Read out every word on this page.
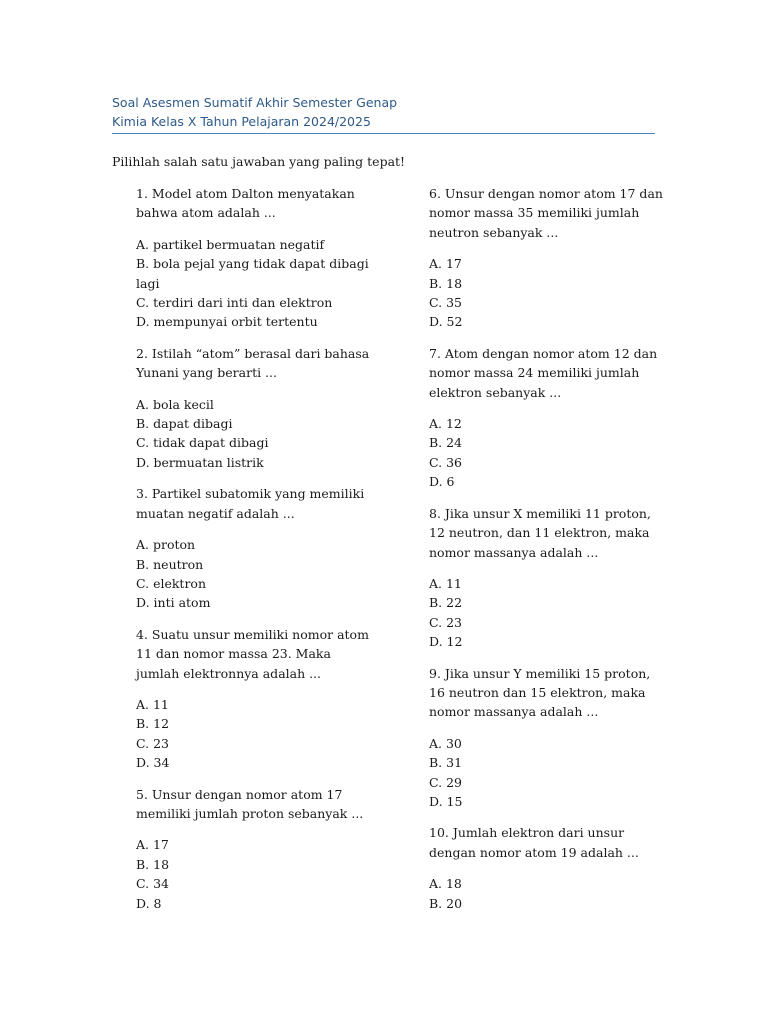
Soal Asesmen Sumatif Akhir Semester Genap
Kimia Kelas X Tahun Pelajaran 2024/2025
Pilihlah salah satu jawaban yang paling tepat!
1. Model atom Dalton menyatakan bahwa atom adalah ...
A. partikel bermuatan negatif
B. bola pejal yang tidak dapat dibagi lagi
C. terdiri dari inti dan elektron
D. mempunyai orbit tertentu
2. Istilah “atom” berasal dari bahasa Yunani yang berarti ...
A. bola kecil
B. dapat dibagi
C. tidak dapat dibagi
D. bermuatan listrik
3. Partikel subatomik yang memiliki muatan negatif adalah ...
A. proton
B. neutron
C. elektron
D. inti atom
4. Suatu unsur memiliki nomor atom 11 dan nomor massa 23. Maka jumlah elektronnya adalah ...
A. 11
B. 12
C. 23
D. 34
5. Unsur dengan nomor atom 17 memiliki jumlah proton sebanyak ...
A. 17
B. 18
C. 34
D. 8
6. Unsur dengan nomor atom 17 dan nomor massa 35 memiliki jumlah neutron sebanyak ...
A. 17
B. 18
C. 35
D. 52
7. Atom dengan nomor atom 12 dan nomor massa 24 memiliki jumlah elektron sebanyak ...
A. 12
B. 24
C. 36
D. 6
8. Jika unsur X memiliki 11 proton, 12 neutron, dan 11 elektron, maka nomor massanya adalah ...
A. 11
B. 22
C. 23
D. 12
9. Jika unsur Y memiliki 15 proton, 16 neutron dan 15 elektron, maka nomor massanya adalah ...
A. 30
B. 31
C. 29
D. 15
10. Jumlah elektron dari unsur dengan nomor atom 19 adalah ...
A. 18
B. 20
